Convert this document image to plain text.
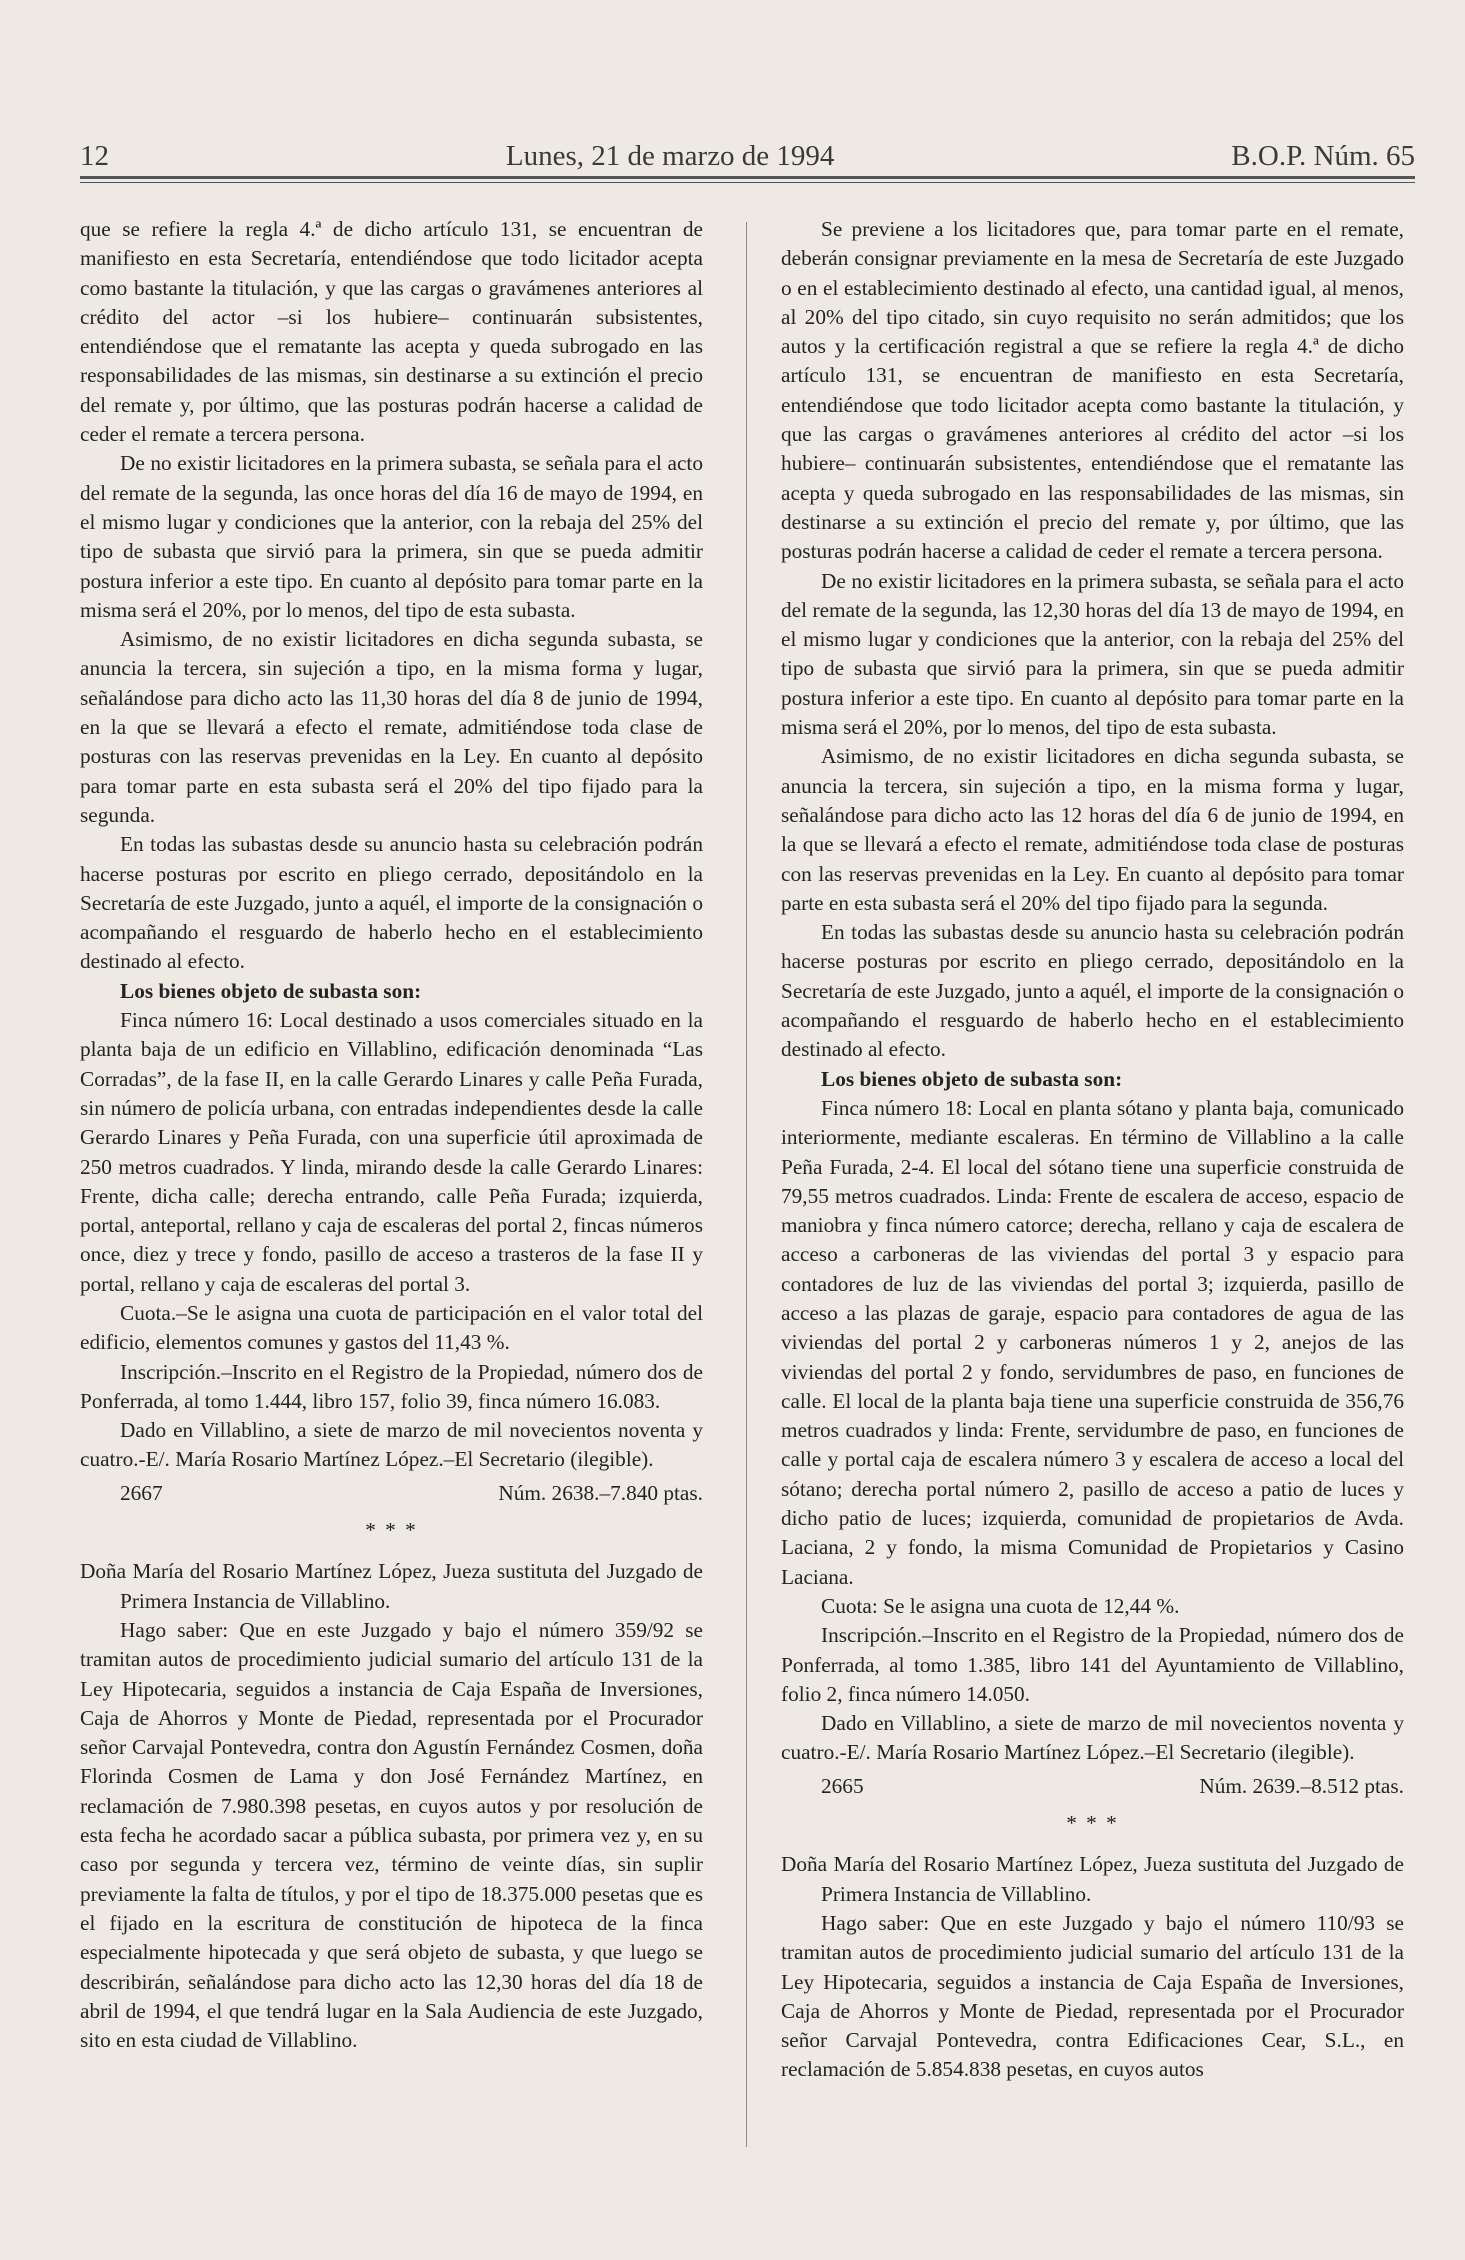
12	Lunes, 21 de marzo de 1994	B.O.P. Núm. 65

que se refiere la regla 4.ª de dicho artículo 131, se encuentran de manifiesto en esta Secretaría, entendiéndose que todo licitador acepta como bastante la titulación, y que las cargas o gravámenes anteriores al crédito del actor –si los hubiere– continuarán subsistentes, entendiéndose que el rematante las acepta y queda subrogado en las responsabilidades de las mismas, sin destinarse a su extinción el precio del remate y, por último, que las posturas podrán hacerse a calidad de ceder el remate a tercera persona.

De no existir licitadores en la primera subasta, se señala para el acto del remate de la segunda, las once horas del día 16 de mayo de 1994, en el mismo lugar y condiciones que la anterior, con la rebaja del 25% del tipo de subasta que sirvió para la primera, sin que se pueda admitir postura inferior a este tipo. En cuanto al depósito para tomar parte en la misma será el 20%, por lo menos, del tipo de esta subasta.

Asimismo, de no existir licitadores en dicha segunda subasta, se anuncia la tercera, sin sujeción a tipo, en la misma forma y lugar, señalándose para dicho acto las 11,30 horas del día 8 de junio de 1994, en la que se llevará a efecto el remate, admitiéndose toda clase de posturas con las reservas prevenidas en la Ley. En cuanto al depósito para tomar parte en esta subasta será el 20% del tipo fijado para la segunda.

En todas las subastas desde su anuncio hasta su celebración podrán hacerse posturas por escrito en pliego cerrado, depositándolo en la Secretaría de este Juzgado, junto a aquél, el importe de la consignación o acompañando el resguardo de haberlo hecho en el establecimiento destinado al efecto.

Los bienes objeto de subasta son:

Finca número 16: Local destinado a usos comerciales situado en la planta baja de un edificio en Villablino, edificación denominada “Las Corradas”, de la fase II, en la calle Gerardo Linares y calle Peña Furada, sin número de policía urbana, con entradas independientes desde la calle Gerardo Linares y Peña Furada, con una superficie útil aproximada de 250 metros cuadrados. Y linda, mirando desde la calle Gerardo Linares: Frente, dicha calle; derecha entrando, calle Peña Furada; izquierda, portal, anteportal, rellano y caja de escaleras del portal 2, fincas números once, diez y trece y fondo, pasillo de acceso a trasteros de la fase II y portal, rellano y caja de escaleras del portal 3.

Cuota.–Se le asigna una cuota de participación en el valor total del edificio, elementos comunes y gastos del 11,43 %.

Inscripción.–Inscrito en el Registro de la Propiedad, número dos de Ponferrada, al tomo 1.444, libro 157, folio 39, finca número 16.083.

Dado en Villablino, a siete de marzo de mil novecientos noventa y cuatro.-E/. María Rosario Martínez López.–El Secretario (ilegible).

2667	Núm. 2638.–7.840 ptas.

* * *

Doña María del Rosario Martínez López, Jueza sustituta del Juzgado de Primera Instancia de Villablino.

Hago saber: Que en este Juzgado y bajo el número 359/92 se tramitan autos de procedimiento judicial sumario del artículo 131 de la Ley Hipotecaria, seguidos a instancia de Caja España de Inversiones, Caja de Ahorros y Monte de Piedad, representada por el Procurador señor Carvajal Pontevedra, contra don Agustín Fernández Cosmen, doña Florinda Cosmen de Lama y don José Fernández Martínez, en reclamación de 7.980.398 pesetas, en cuyos autos y por resolución de esta fecha he acordado sacar a pública subasta, por primera vez y, en su caso por segunda y tercera vez, término de veinte días, sin suplir previamente la falta de títulos, y por el tipo de 18.375.000 pesetas que es el fijado en la escritura de constitución de hipoteca de la finca especialmente hipotecada y que será objeto de subasta, y que luego se describirán, señalándose para dicho acto las 12,30 horas del día 18 de abril de 1994, el que tendrá lugar en la Sala Audiencia de este Juzgado, sito en esta ciudad de Villablino.

Se previene a los licitadores que, para tomar parte en el remate, deberán consignar previamente en la mesa de Secretaría de este Juzgado o en el establecimiento destinado al efecto, una cantidad igual, al menos, al 20% del tipo citado, sin cuyo requisito no serán admitidos; que los autos y la certificación registral a que se refiere la regla 4.ª de dicho artículo 131, se encuentran de manifiesto en esta Secretaría, entendiéndose que todo licitador acepta como bastante la titulación, y que las cargas o gravámenes anteriores al crédito del actor –si los hubiere– continuarán subsistentes, entendiéndose que el rematante las acepta y queda subrogado en las responsabilidades de las mismas, sin destinarse a su extinción el precio del remate y, por último, que las posturas podrán hacerse a calidad de ceder el remate a tercera persona.

De no existir licitadores en la primera subasta, se señala para el acto del remate de la segunda, las 12,30 horas del día 13 de mayo de 1994, en el mismo lugar y condiciones que la anterior, con la rebaja del 25% del tipo de subasta que sirvió para la primera, sin que se pueda admitir postura inferior a este tipo. En cuanto al depósito para tomar parte en la misma será el 20%, por lo menos, del tipo de esta subasta.

Asimismo, de no existir licitadores en dicha segunda subasta, se anuncia la tercera, sin sujeción a tipo, en la misma forma y lugar, señalándose para dicho acto las 12 horas del día 6 de junio de 1994, en la que se llevará a efecto el remate, admitiéndose toda clase de posturas con las reservas prevenidas en la Ley. En cuanto al depósito para tomar parte en esta subasta será el 20% del tipo fijado para la segunda.

En todas las subastas desde su anuncio hasta su celebración podrán hacerse posturas por escrito en pliego cerrado, depositándolo en la Secretaría de este Juzgado, junto a aquél, el importe de la consignación o acompañando el resguardo de haberlo hecho en el establecimiento destinado al efecto.

Los bienes objeto de subasta son:

Finca número 18: Local en planta sótano y planta baja, comunicado interiormente, mediante escaleras. En término de Villablino a la calle Peña Furada, 2-4. El local del sótano tiene una superficie construida de 79,55 metros cuadrados. Linda: Frente de escalera de acceso, espacio de maniobra y finca número catorce; derecha, rellano y caja de escalera de acceso a carboneras de las viviendas del portal 3 y espacio para contadores de luz de las viviendas del portal 3; izquierda, pasillo de acceso a las plazas de garaje, espacio para contadores de agua de las viviendas del portal 2 y carboneras números 1 y 2, anejos de las viviendas del portal 2 y fondo, servidumbres de paso, en funciones de calle. El local de la planta baja tiene una superficie construida de 356,76 metros cuadrados y linda: Frente, servidumbre de paso, en funciones de calle y portal caja de escalera número 3 y escalera de acceso a local del sótano; derecha portal número 2, pasillo de acceso a patio de luces y dicho patio de luces; izquierda, comunidad de propietarios de Avda. Laciana, 2 y fondo, la misma Comunidad de Propietarios y Casino Laciana.

Cuota: Se le asigna una cuota de 12,44 %.

Inscripción.–Inscrito en el Registro de la Propiedad, número dos de Ponferrada, al tomo 1.385, libro 141 del Ayuntamiento de Villablino, folio 2, finca número 14.050.

Dado en Villablino, a siete de marzo de mil novecientos noventa y cuatro.-E/. María Rosario Martínez López.–El Secretario (ilegible).

2665	Núm. 2639.–8.512 ptas.

* * *

Doña María del Rosario Martínez López, Jueza sustituta del Juzgado de Primera Instancia de Villablino.

Hago saber: Que en este Juzgado y bajo el número 110/93 se tramitan autos de procedimiento judicial sumario del artículo 131 de la Ley Hipotecaria, seguidos a instancia de Caja España de Inversiones, Caja de Ahorros y Monte de Piedad, representada por el Procurador señor Carvajal Pontevedra, contra Edificaciones Cear, S.L., en reclamación de 5.854.838 pesetas, en cuyos autos
